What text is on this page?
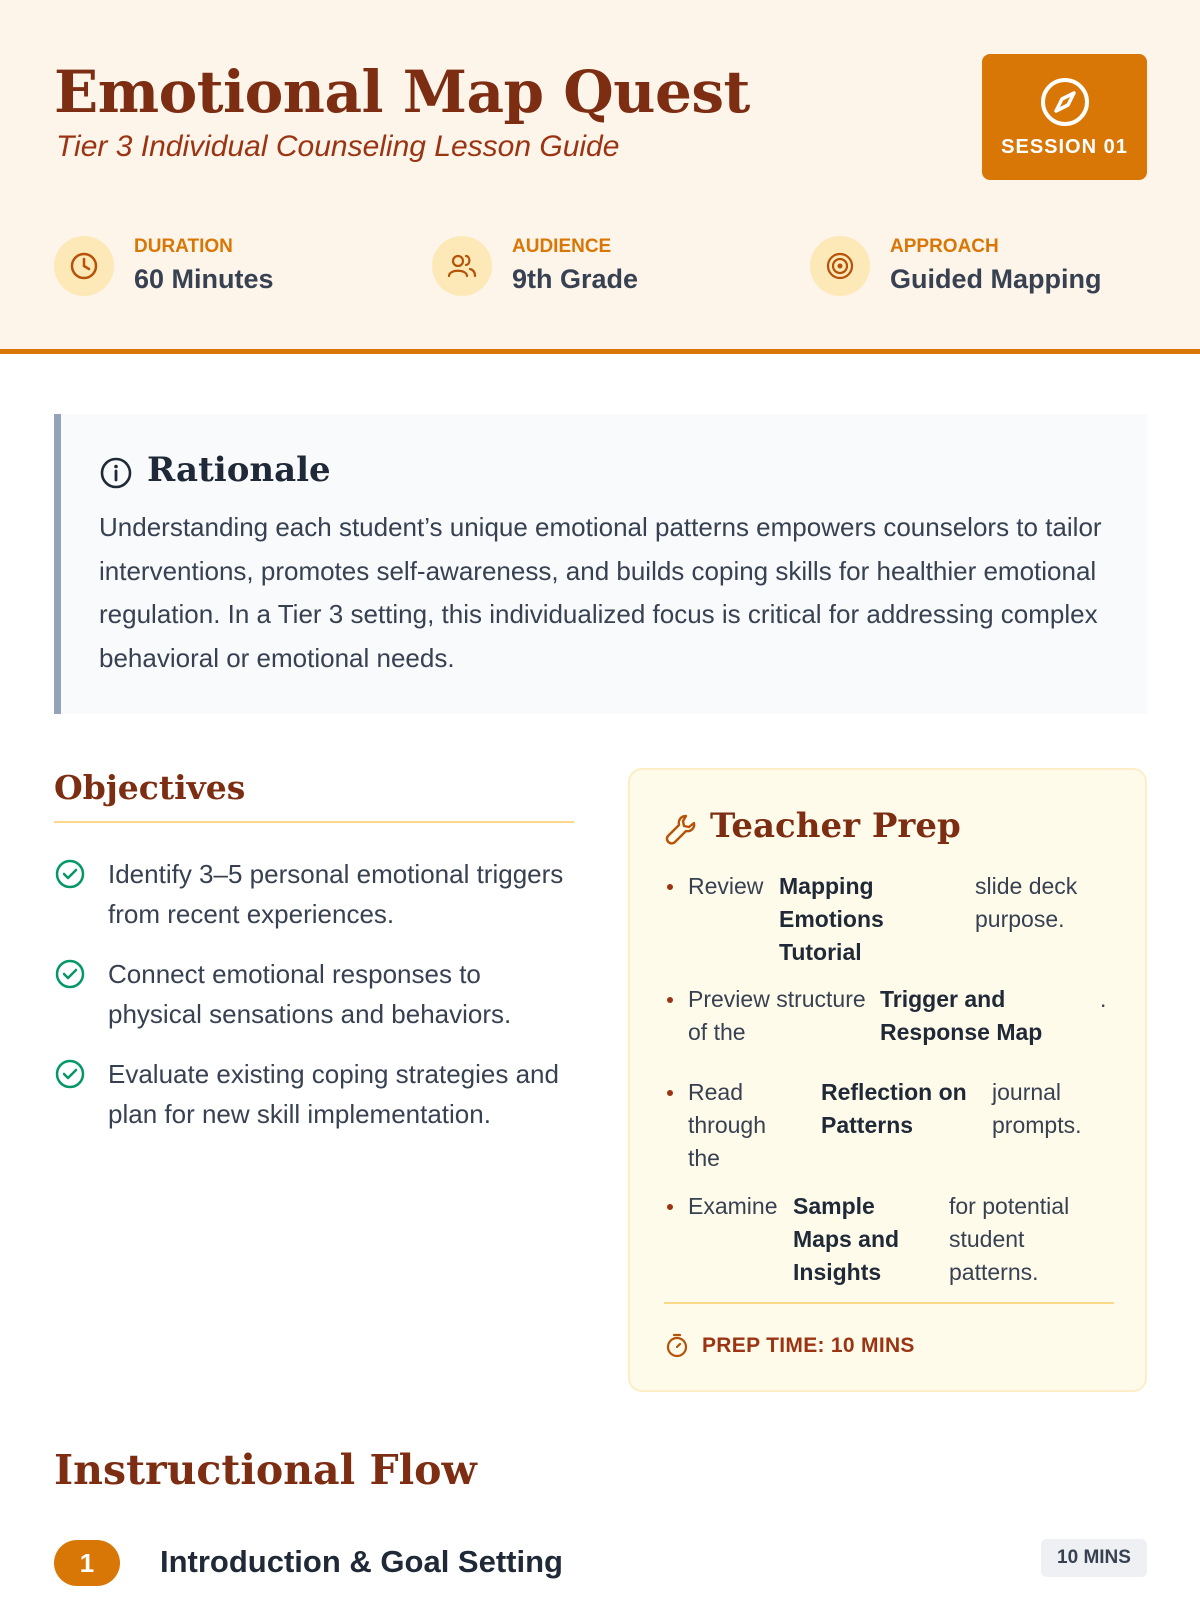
Emotional Map Quest
Tier 3 Individual Counseling Lesson Guide	SESSION 01
DURATION
60 Minutes
AUDIENCE
9th Grade
APPROACH
Guided Mapping
Rationale

Understanding each student’s unique emotional patterns empowers counselors to tailor interventions, promotes self-awareness, and builds coping skills for healthier emotional regulation. In a Tier 3 setting, this individualized focus is critical for addressing complex behavioral or emotional needs.

Objectives
Identify 3–5 personal emotional triggers from recent experiences.
Connect emotional responses to physical sensations and behaviors.
Evaluate existing coping strategies and plan for new skill implementation.
Teacher Prep
Review Mapping Emotions Tutorial
slide deck purpose.
Preview structure of the
Trigger and Response Map
.
Read through the
Reflection on Patterns
journal prompts.
Examine Sample Maps and Insights
for potential student patterns.
PREP TIME: 10 MINS
Instructional Flow
1	Introduction & Goal Setting	10 MINS
